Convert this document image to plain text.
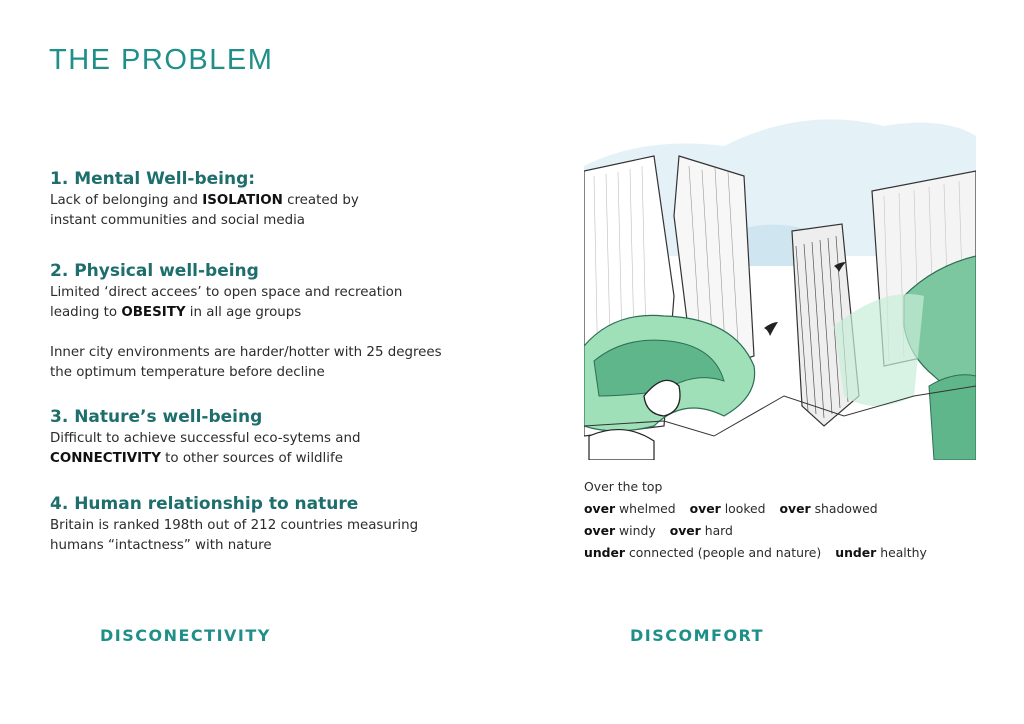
THE PROBLEM
1. Mental Well-being:

Lack of belonging and ISOLATION created by
instant communities and social media

2. Physical well-being

Limited ‘direct accees’ to open space and recreation
leading to OBESITY in all age groups

Inner city environments are harder/hotter with 25 degrees
the optimum temperature before decline

3. Nature’s well-being

Difficult to achieve successful eco-sytems and
CONNECTIVITY to other sources of wildlife

4. Human relationship to nature

Britain is ranked 198th out of 212 countries measuring
humans “intactness” with nature

Over the top
over whelmed over looked over shadowed
over windy over hard
under connected (people and nature) under healthy
DISCONECTIVITY	DISCOMFORT
